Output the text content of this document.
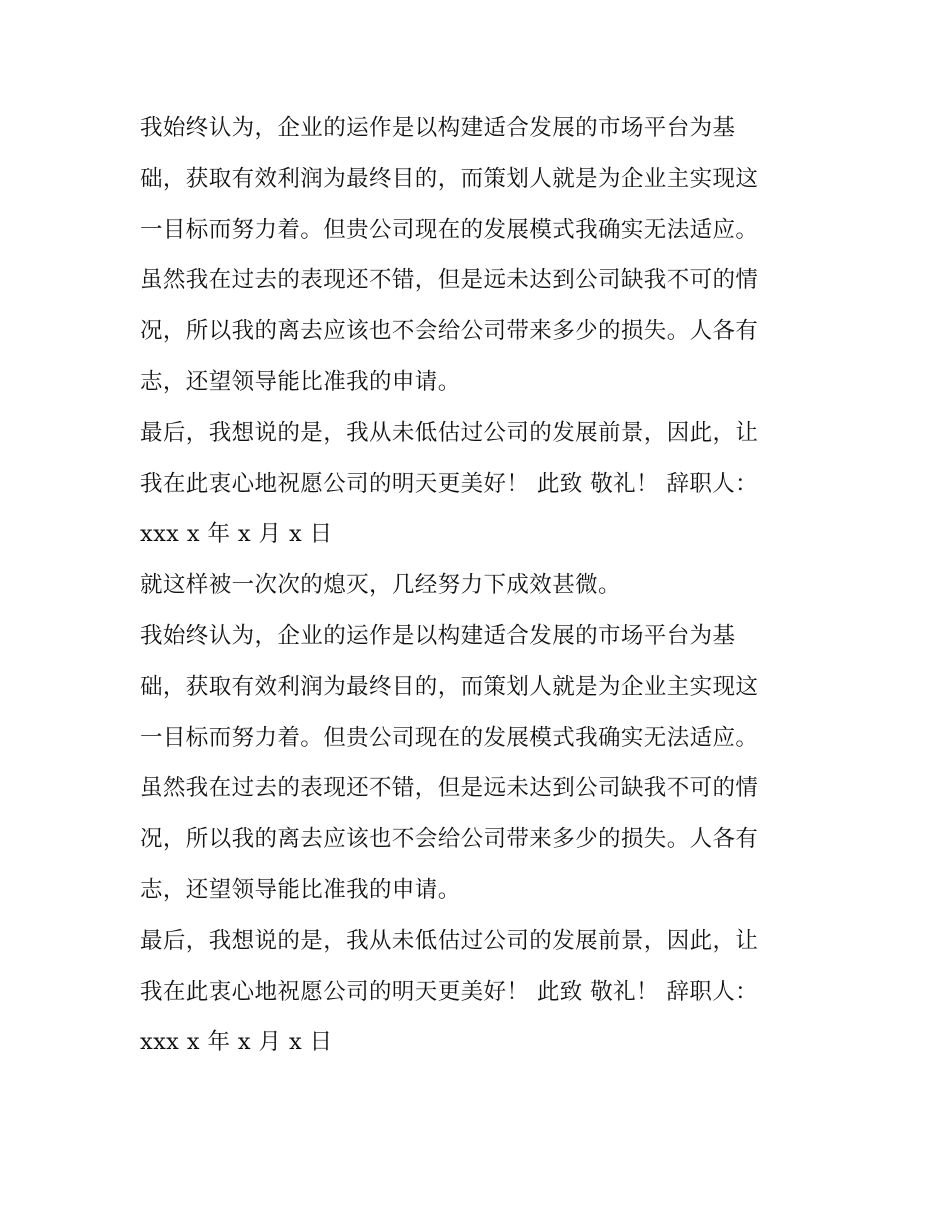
我始终认为，企业的运作是以构建适合发展的市场平台为基
础，获取有效利润为最终目的，而策划人就是为企业主实现这
一目标而努力着。但贵公司现在的发展模式我确实无法适应。
虽然我在过去的表现还不错，但是远未达到公司缺我不可的情
况，所以我的离去应该也不会给公司带来多少的损失。人各有
志，还望领导能比准我的申请。
最后，我想说的是，我从未低估过公司的发展前景，因此，让
我在此衷心地祝愿公司的明天更美好！ 此致 敬礼！ 辞职人：
xxx x 年 x 月 x 日
就这样被一次次的熄灭，几经努力下成效甚微。
我始终认为，企业的运作是以构建适合发展的市场平台为基
础，获取有效利润为最终目的，而策划人就是为企业主实现这
一目标而努力着。但贵公司现在的发展模式我确实无法适应。
虽然我在过去的表现还不错，但是远未达到公司缺我不可的情
况，所以我的离去应该也不会给公司带来多少的损失。人各有
志，还望领导能比准我的申请。
最后，我想说的是，我从未低估过公司的发展前景，因此，让
我在此衷心地祝愿公司的明天更美好！ 此致 敬礼！ 辞职人：
xxx x 年 x 月 x 日
